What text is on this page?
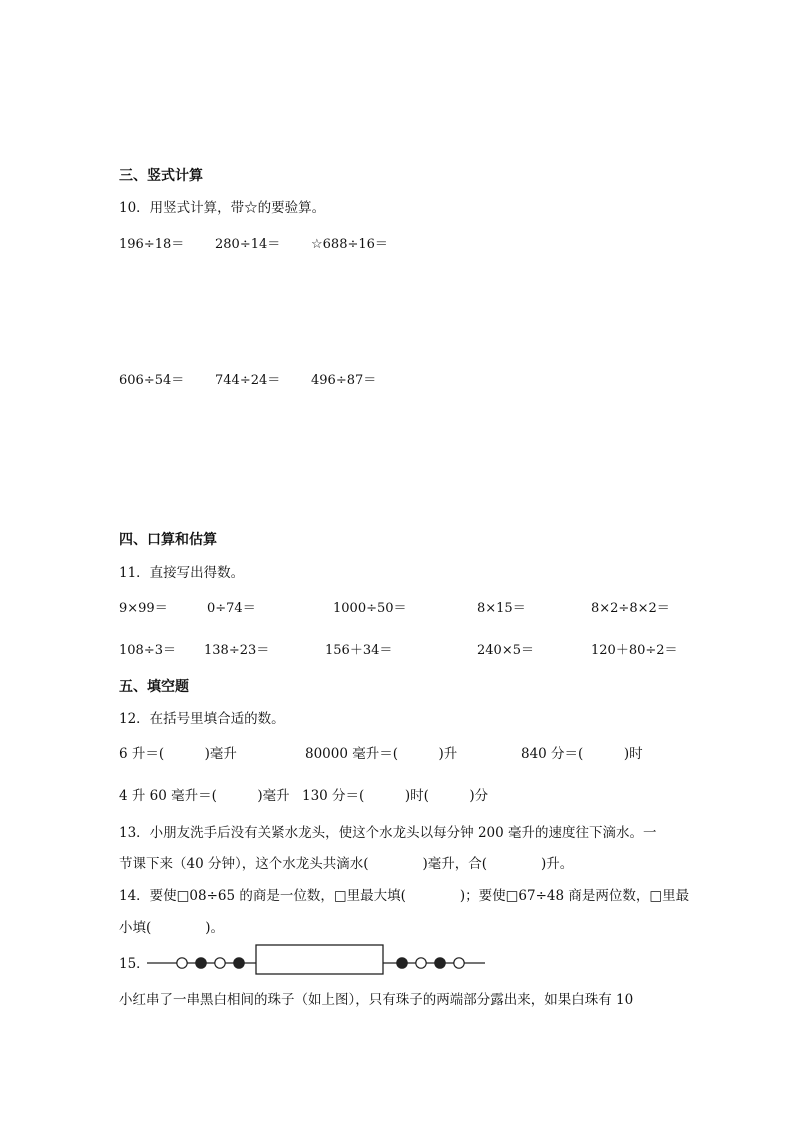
三、竖式计算
10．用竖式计算，带☆的要验算。
196÷18＝ 280÷14＝ ☆688÷16＝
606÷54＝ 744÷24＝ 496÷87＝
四、口算和估算
11．直接写出得数。
9×99＝	0÷74＝	1000÷50＝	8×15＝	8×2÷8×2＝
108÷3＝ 138÷23＝	156＋34＝	240×5＝	120＋80÷2＝
五、填空题
12．在括号里填合适的数。
6 升＝(　　　)毫升	80000 毫升＝(　　　)升	840 分＝(　　　)时
4 升 60 毫升＝(　　　)毫升 130 分＝(　　　)时(　　　)分
13．小朋友洗手后没有关紧水龙头，使这个水龙头以每分钟 200 毫升的速度往下滴水。一
节课下来（40 分钟），这个水龙头共滴水(　　　　)毫升，合(　　　　)升。
14．要使□08÷65 的商是一位数，□里最大填(　　　　)；要使□67÷48 商是两位数，□里最
小填(　　　　)。
15．
小红串了一串黑白相间的珠子（如上图），只有珠子的两端部分露出来，如果白珠有 10
